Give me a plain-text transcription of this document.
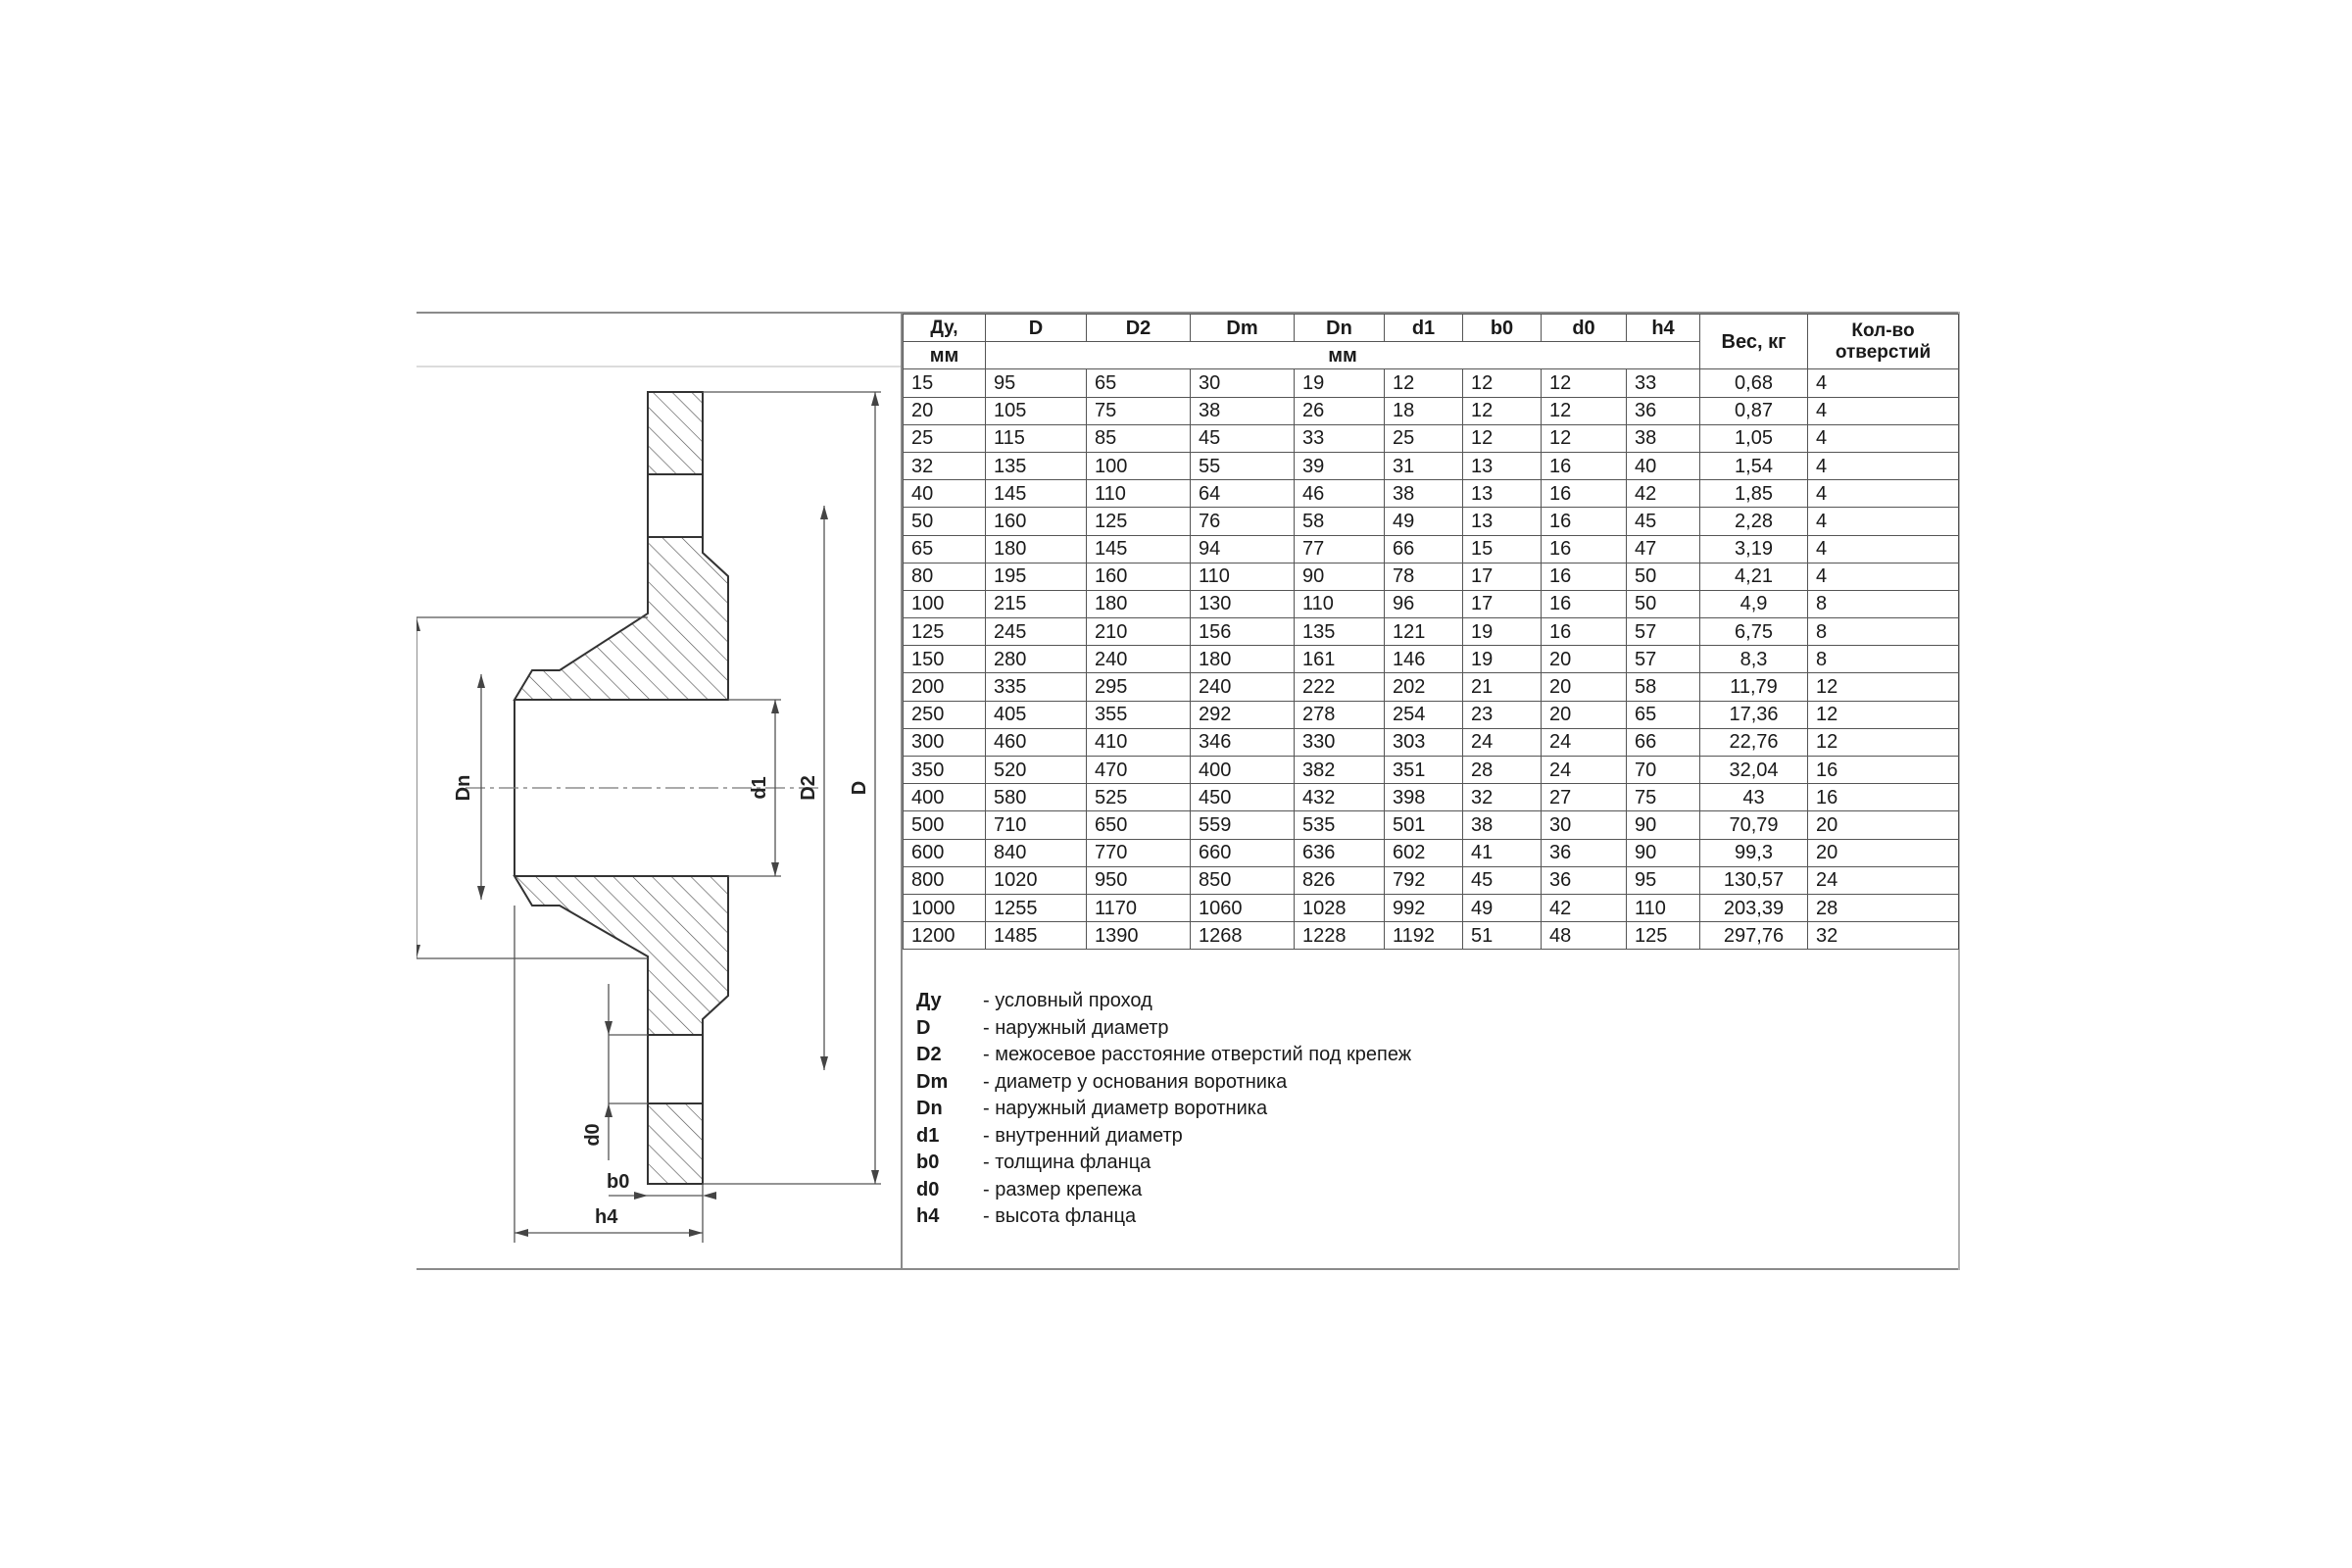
Dn	d1 D2 D
d0
b0
h4
Ду,	D	D2	Dm	Dn	d1	b0	d0	h4	Вес, кг	Кол-во
отверстий
мм	мм									
15	95	65	30	19	12	12	12	33	0,68	4
20	105	75	38	26	18	12	12	36	0,87	4
25	115	85	45	33	25	12	12	38	1,05	4
32	135	100	55	39	31	13	16	40	1,54	4
40	145	110	64	46	38	13	16	42	1,85	4
50	160	125	76	58	49	13	16	45	2,28	4
65	180	145	94	77	66	15	16	47	3,19	4
80	195	160	110	90	78	17	16	50	4,21	4
100	215	180	130	110	96	17	16	50	4,9	8
125	245	210	156	135	121	19	16	57	6,75	8
150	280	240	180	161	146	19	20	57	8,3	8
200	335	295	240	222	202	21	20	58	11,79	12
250	405	355	292	278	254	23	20	65	17,36	12
300	460	410	346	330	303	24	24	66	22,76	12
350	520	470	400	382	351	28	24	70	32,04	16
400	580	525	450	432	398	32	27	75	43	16
500	710	650	559	535	501	38	30	90	70,79	20
600	840	770	660	636	602	41	36	90	99,3	20
800	1020	950	850	826	792	45	36	95	130,57	24
1000	1255	1170	1060	1028	992	49	42	110	203,39	28
1200	1485	1390	1268	1228	1192	51	48	125	297,76	32
Ду	- условный проход
D	- наружный диаметр
D2	- межосевое расстояние отверстий под крепеж
Dm	- диаметр у основания воротника
Dn	- наружный диаметр воротника
d1	- внутренний диаметр
b0	- толщина фланца
d0	- размер крепежа
h4	- высота фланца
